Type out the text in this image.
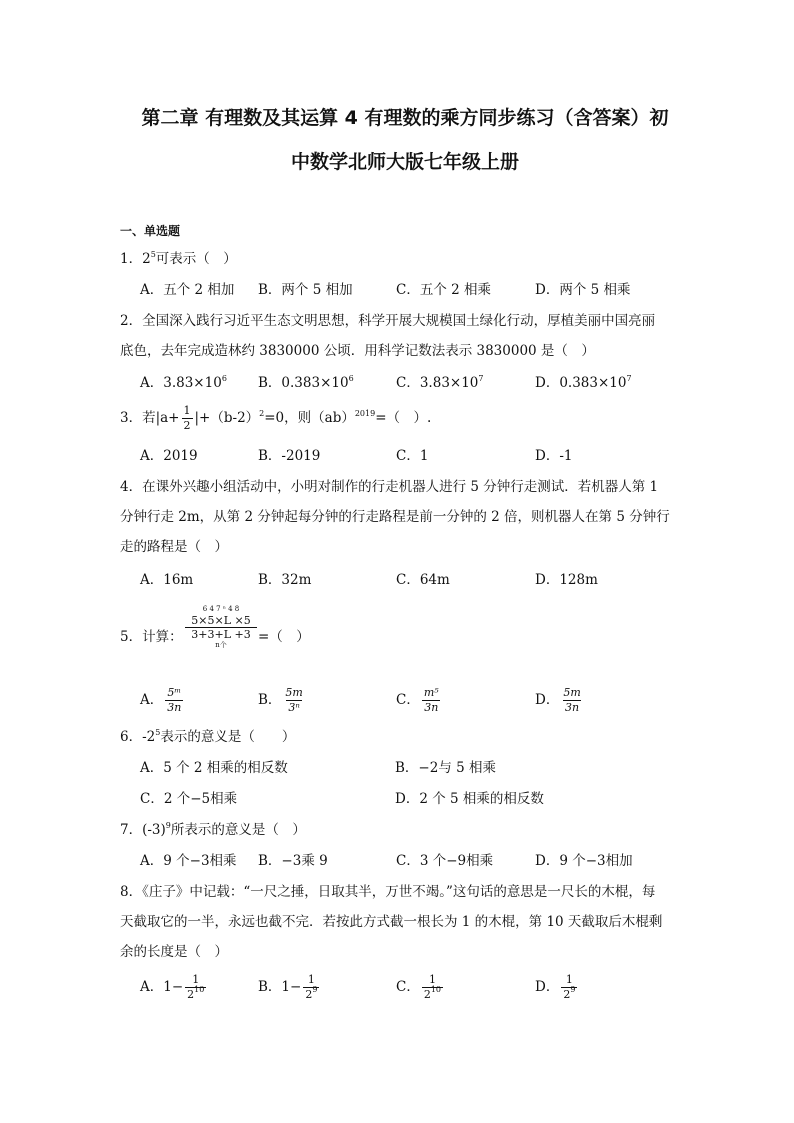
第二章 有理数及其运算 4 有理数的乘方同步练习（含答案）初
中数学北师大版七年级上册
一、单选题
1．$2^5$可表示（　）
A．五个 2 相加 B．两个 5 相加	C．五个 2 相乘	D．两个 5 相乘
2．全国深入践行习近平生态文明思想，科学开展大规模国土绿化行动，厚植美丽中国亮丽
底色，去年完成造林约 3830000 公顷．用科学记数法表示 3830000 是（　）
A．$3.83\times 10^6$ B．$0.383\times 10^6$	C．$3.83\times 10^7$	D．$0.383\times 10^7$
3．若$|a+ \frac{1}{2} |+(b-2)^2=0$，则（ab）$^{2019}$=（　）.
A．2019	B．-2019	C．1	D．-1
4．在课外兴趣小组活动中，小明对制作的行走机器人进行 5 分钟行走测试．若机器人第 1
分钟行走 2m，从第 2 分钟起每分钟的行走路程是前一分钟的 2 倍，则机器人在第 5 分钟行
走的路程是（　）
A．16m	B．32m	C．64m	D．128m
5．计算：
6 4 7 ⁿ 4 8
5×5×L ×5
3+3+L +3
n个	=（　）
A． $\frac{\text{5ᵐ}}{3n}$	B． $\frac{5m}{\text{3ⁿ}}$	C． $\frac{\text{m⁵}}{3n}$	D． $\frac{5m}{3n}$
6．$-2^5$表示的意义是（　　）
A．5 个 2 相乘的相反数	B．−2与 5 相乘
C．2 个−5相乘	D．2 个 5 相乘的相反数
7．$(-3)^9$所表示的意义是（　）
A．9 个−3相乘 B．−3乘 9	C．3 个−9相乘	D．9 个−3相加
8．《庄子》中记载：“一尺之捶，日取其半，万世不竭。”这句话的意思是一尺长的木棍，每
天截取它的一半，永远也截不完．若按此方式截一根长为 1 的木棍，第 10 天截取后木棍剩
余的长度是（　）
A．$1- \frac{1}{2^{10}}$	B．$1- \frac{1}{2^9}$	C． $\frac{1}{2^{10}}$	D． $\frac{1}{2^9}$
